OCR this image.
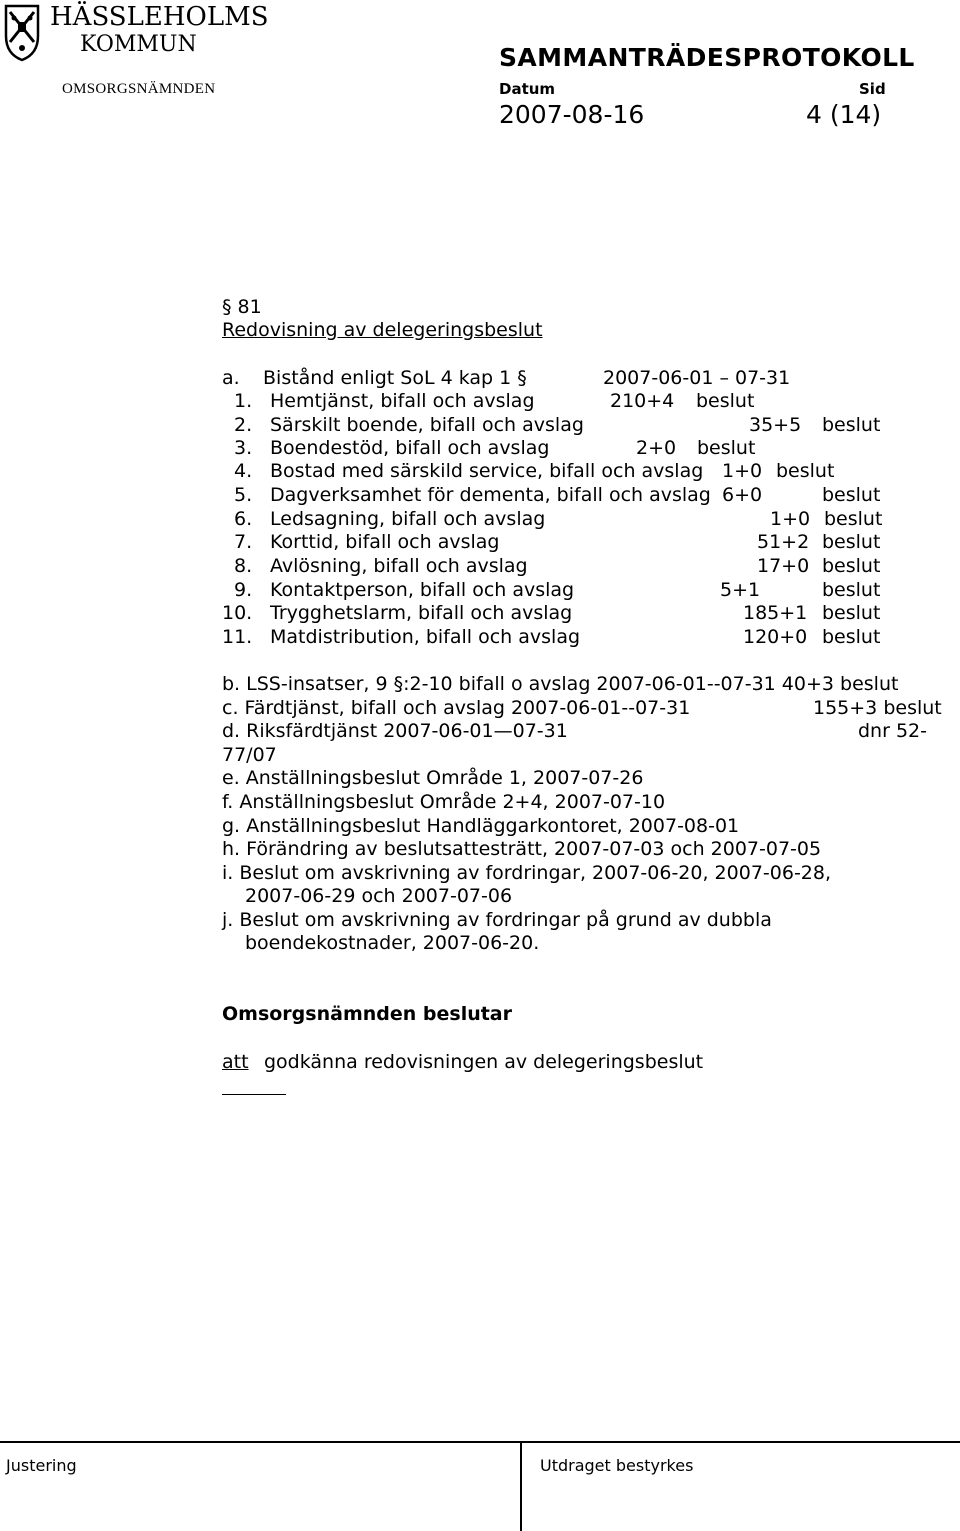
HÄSSLEHOLMS
KOMMUN
OMSORGSNÄMNDEN
SAMMANTRÄDESPROTOKOLL
Datum	Sid
2007-08-16	4 (14)
§ 81
Redovisning av delegeringsbeslut
a. Bistånd enligt SoL 4 kap 1 §	2007-06-01 – 07-31
1. Hemtjänst, bifall och avslag	210+4 beslut
2. Särskilt boende, bifall och avslag	35+5 beslut
3. Boendestöd, bifall och avslag	2+0 beslut
4. Bostad med särskild service, bifall och avslag 1+0 beslut
5. Dagverksamhet för dementa, bifall och avslag 6+0	beslut
6. Ledsagning, bifall och avslag	1+0 beslut
7. Korttid, bifall och avslag	51+2 beslut
8. Avlösning, bifall och avslag	17+0 beslut
9. Kontaktperson, bifall och avslag	5+1	beslut
10. Trygghetslarm, bifall och avslag	185+1 beslut
11. Matdistribution, bifall och avslag	120+0 beslut
b. LSS-insatser, 9 §:2-10 bifall o avslag 2007-06-01--07-31 40+3 beslut
c. Färdtjänst, bifall och avslag 2007-06-01--07-31	155+3 beslut
d. Riksfärdtjänst 2007-06-01—07-31	dnr 52-
77/07
e. Anställningsbeslut Område 1, 2007-07-26
f. Anställningsbeslut Område 2+4, 2007-07-10
g. Anställningsbeslut Handläggarkontoret, 2007-08-01
h. Förändring av beslutsattesträtt, 2007-07-03 och 2007-07-05
i. Beslut om avskrivning av fordringar, 2007-06-20, 2007-06-28,
2007-06-29 och 2007-07-06
j. Beslut om avskrivning av fordringar på grund av dubbla
boendekostnader, 2007-06-20.
Omsorgsnämnden beslutar
att godkänna redovisningen av delegeringsbeslut
Justering	Utdraget bestyrkes
